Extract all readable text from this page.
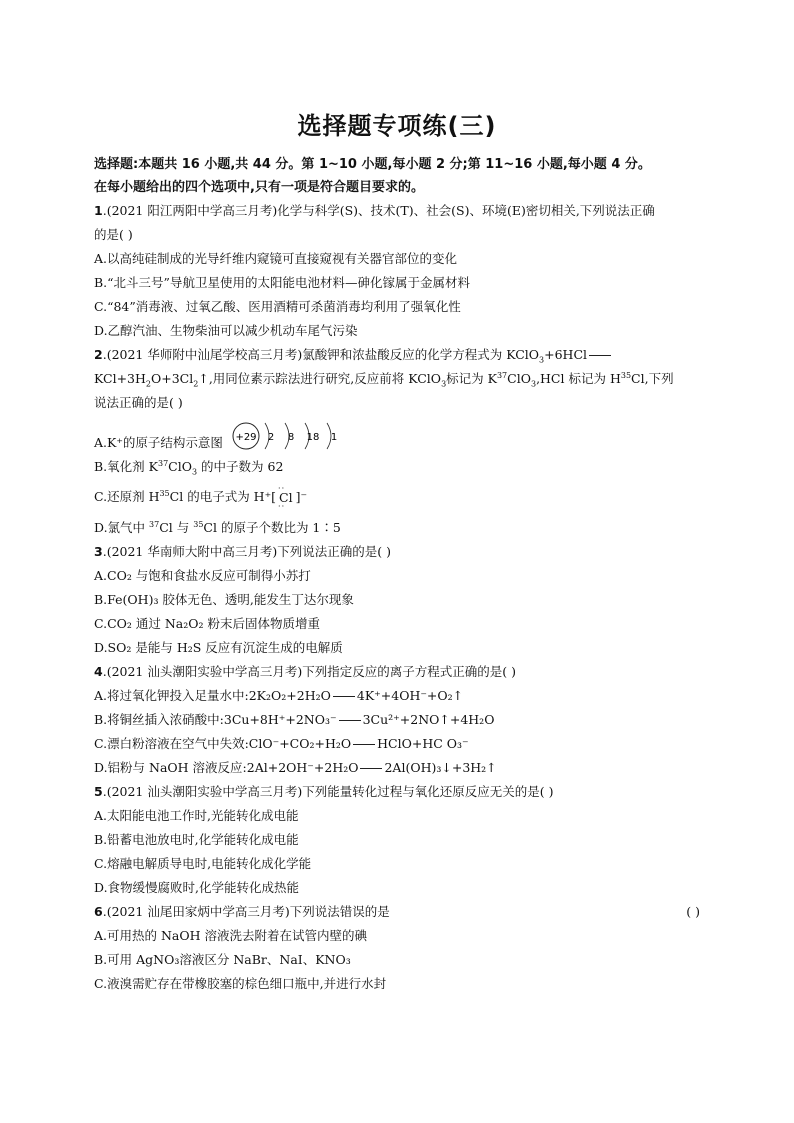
选择题专项练(三)
选择题:本题共 16 小题,共 44 分。第 1~10 小题,每小题 2 分;第 11~16 小题,每小题 4 分。
在每小题给出的四个选项中,只有一项是符合题目要求的。
1.(2021 阳江两阳中学高三月考)化学与科学(S)、技术(T)、社会(S)、环境(E)密切相关,下列说法正确
的是( )
A.以高纯硅制成的光导纤维内窥镜可直接窥视有关器官部位的变化
B.“北斗三号”导航卫星使用的太阳能电池材料—砷化镓属于金属材料
C.“84”消毒液、过氧乙酸、医用酒精可杀菌消毒均利用了强氧化性
D.乙醇汽油、生物柴油可以减少机动车尾气污染
2.(2021 华师附中汕尾学校高三月考)氯酸钾和浓盐酸反应的化学方程式为 KClO$_3$+6HCl
$KCl+3H_2O+3Cl_2↑$,用同位素示踪法进行研究,反应前将 KClO$_3$标记为 $K^{37}ClO_3,HCl$ 标记为 $H^{35}Cl$,下列
说法正确的是( )
A.K⁺的原子结构示意图 +29 2 8 18 1
B.氧化剂 $K^{37}ClO_3$ 的中子数为 62
C.还原剂 $H^{35}Cl$ 的电子式为 H⁺[
··
Cl
··
]⁻
D.氯气中 $^{37}$Cl 与 $^{35}$Cl 的原子个数比为 1∶5
3.(2021 华南师大附中高三月考)下列说法正确的是( )
A.CO₂ 与饱和食盐水反应可制得小苏打
B.Fe(OH)₃ 胶体无色、透明,能发生丁达尔现象
C.CO₂ 通过 Na₂O₂ 粉末后固体物质增重
D.SO₂ 是能与 H₂S 反应有沉淀生成的电解质
4.(2021 汕头潮阳实验中学高三月考)下列指定反应的离子方程式正确的是( )
A.将过氧化钾投入足量水中:2K₂O₂+2H₂O 4K⁺+4OH⁻+O₂↑
B.将铜丝插入浓硝酸中:3Cu+8H⁺+2NO₃⁻ 3Cu²⁺+2NO↑+4H₂O
C.漂白粉溶液在空气中失效:ClO⁻+CO₂+H₂O HClO+HC O₃⁻
D.铝粉与 NaOH 溶液反应:2Al+2OH⁻+2H₂O 2Al(OH)₃↓+3H₂↑
5.(2021 汕头潮阳实验中学高三月考)下列能量转化过程与氧化还原反应无关的是( )
A.太阳能电池工作时,光能转化成电能
B.铅蓄电池放电时,化学能转化成电能
C.熔融电解质导电时,电能转化成化学能
D.食物缓慢腐败时,化学能转化成热能
6.(2021 汕尾田家炳中学高三月考)下列说法错误的是	( )
A.可用热的 NaOH 溶液洗去附着在试管内壁的碘
B.可用 AgNO₃溶液区分 NaBr、NaI、KNO₃
C.液溴需贮存在带橡胶塞的棕色细口瓶中,并进行水封
